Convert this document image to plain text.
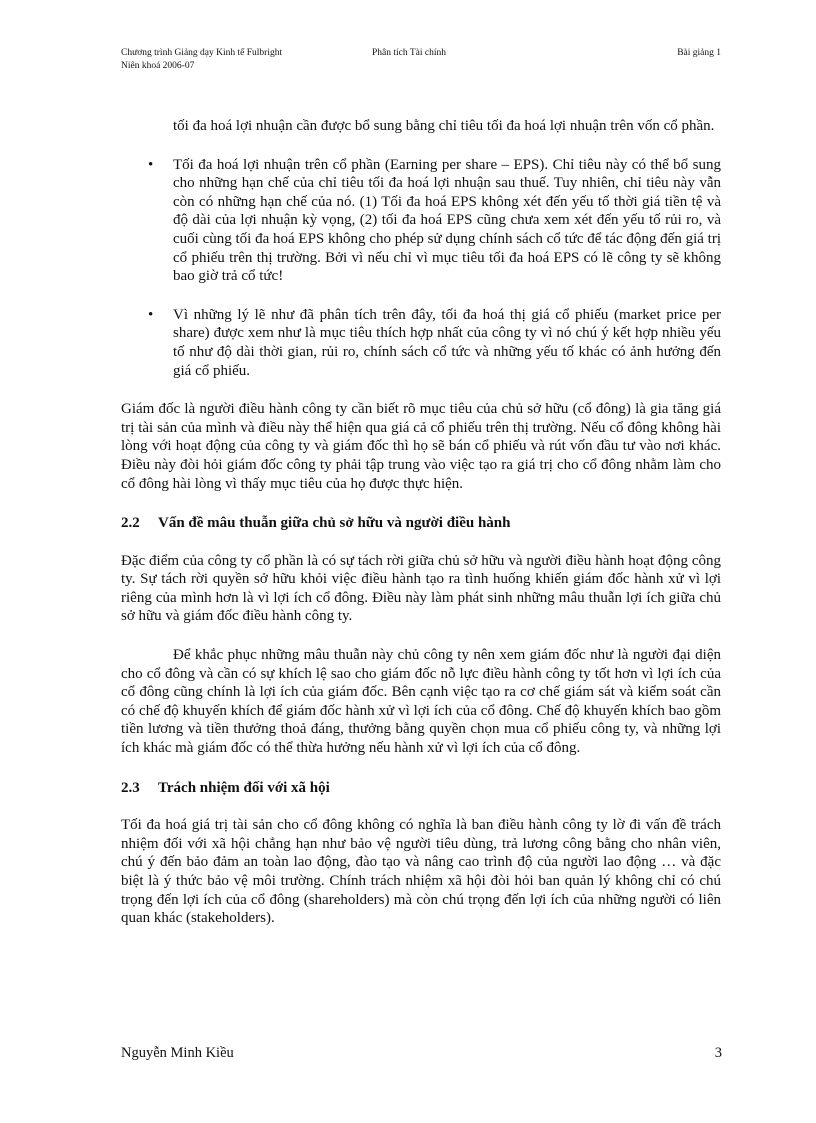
Chương trình Giảng dạy Kinh tế Fulbright	Phân tích Tài chính	Bài giảng 1
Niên khoá 2006-07

tối đa hoá lợi nhuận cần được bổ sung bằng chỉ tiêu tối đa hoá lợi nhuận trên vốn cổ phần.

• Tối đa hoá lợi nhuận trên cổ phần (Earning per share – EPS). Chỉ tiêu này có thể bổ sung cho những hạn chế của chỉ tiêu tối đa hoá lợi nhuận sau thuế. Tuy nhiên, chỉ tiêu này vẫn còn có những hạn chế của nó. (1) Tối đa hoá EPS không xét đến yếu tố thời giá tiền tệ và độ dài của lợi nhuận kỳ vọng, (2) tối đa hoá EPS cũng chưa xem xét đến yếu tố rủi ro, và cuối cùng tối đa hoá EPS không cho phép sử dụng chính sách cổ tức để tác động đến giá trị cổ phiếu trên thị trường. Bởi vì nếu chỉ vì mục tiêu tối đa hoá EPS có lẽ công ty sẽ không bao giờ trả cổ tức!

• Vì những lý lẽ như đã phân tích trên đây, tối đa hoá thị giá cổ phiếu (market price per share) được xem như là mục tiêu thích hợp nhất của công ty vì nó chú ý kết hợp nhiều yếu tố như độ dài thời gian, rủi ro, chính sách cổ tức và những yếu tố khác có ảnh hưởng đến giá cổ phiếu.

Giám đốc là người điều hành công ty cần biết rõ mục tiêu của chủ sở hữu (cổ đông) là gia tăng giá trị tài sản của mình và điều này thể hiện qua giá cả cổ phiếu trên thị trường. Nếu cổ đông không hài lòng với hoạt động của công ty và giám đốc thì họ sẽ bán cổ phiếu và rút vốn đầu tư vào nơi khác. Điều này đòi hỏi giám đốc công ty phải tập trung vào việc tạo ra giá trị cho cổ đông nhằm làm cho cổ đông hài lòng vì thấy mục tiêu của họ được thực hiện.

2.2 Vấn đề mâu thuẫn giữa chủ sở hữu và người điều hành

Đặc điểm của công ty cổ phần là có sự tách rời giữa chủ sở hữu và người điều hành hoạt động công ty. Sự tách rời quyền sở hữu khỏi việc điều hành tạo ra tình huống khiến giám đốc hành xử vì lợi riêng của mình hơn là vì lợi ích cổ đông. Điều này làm phát sinh những mâu thuẫn lợi ích giữa chủ sở hữu và giám đốc điều hành công ty.

Để khắc phục những mâu thuẫn này chủ công ty nên xem giám đốc như là người đại diện cho cổ đông và cần có sự khích lệ sao cho giám đốc nỗ lực điều hành công ty tốt hơn vì lợi ích của cổ đông cũng chính là lợi ích của giám đốc. Bên cạnh việc tạo ra cơ chế giám sát và kiểm soát cần có chế độ khuyến khích để giám đốc hành xử vì lợi ích của cổ đông. Chế độ khuyến khích bao gồm tiền lương và tiền thưởng thoả đáng, thưởng bằng quyền chọn mua cổ phiếu công ty, và những lợi ích khác mà giám đốc có thể thừa hưởng nếu hành xử vì lợi ích của cổ đông.

2.3 Trách nhiệm đối với xã hội

Tối đa hoá giá trị tài sản cho cổ đông không có nghĩa là ban điều hành công ty lờ đi vấn đề trách nhiệm đối với xã hội chẳng hạn như bảo vệ người tiêu dùng, trả lương công bằng cho nhân viên, chú ý đến bảo đảm an toàn lao động, đào tạo và nâng cao trình độ của người lao động … và đặc biệt là ý thức bảo vệ môi trường. Chính trách nhiệm xã hội đòi hỏi ban quản lý không chỉ có chú trọng đến lợi ích của cổ đông (shareholders) mà còn chú trọng đến lợi ích của những người có liên quan khác (stakeholders).

Nguyễn Minh Kiều	3
